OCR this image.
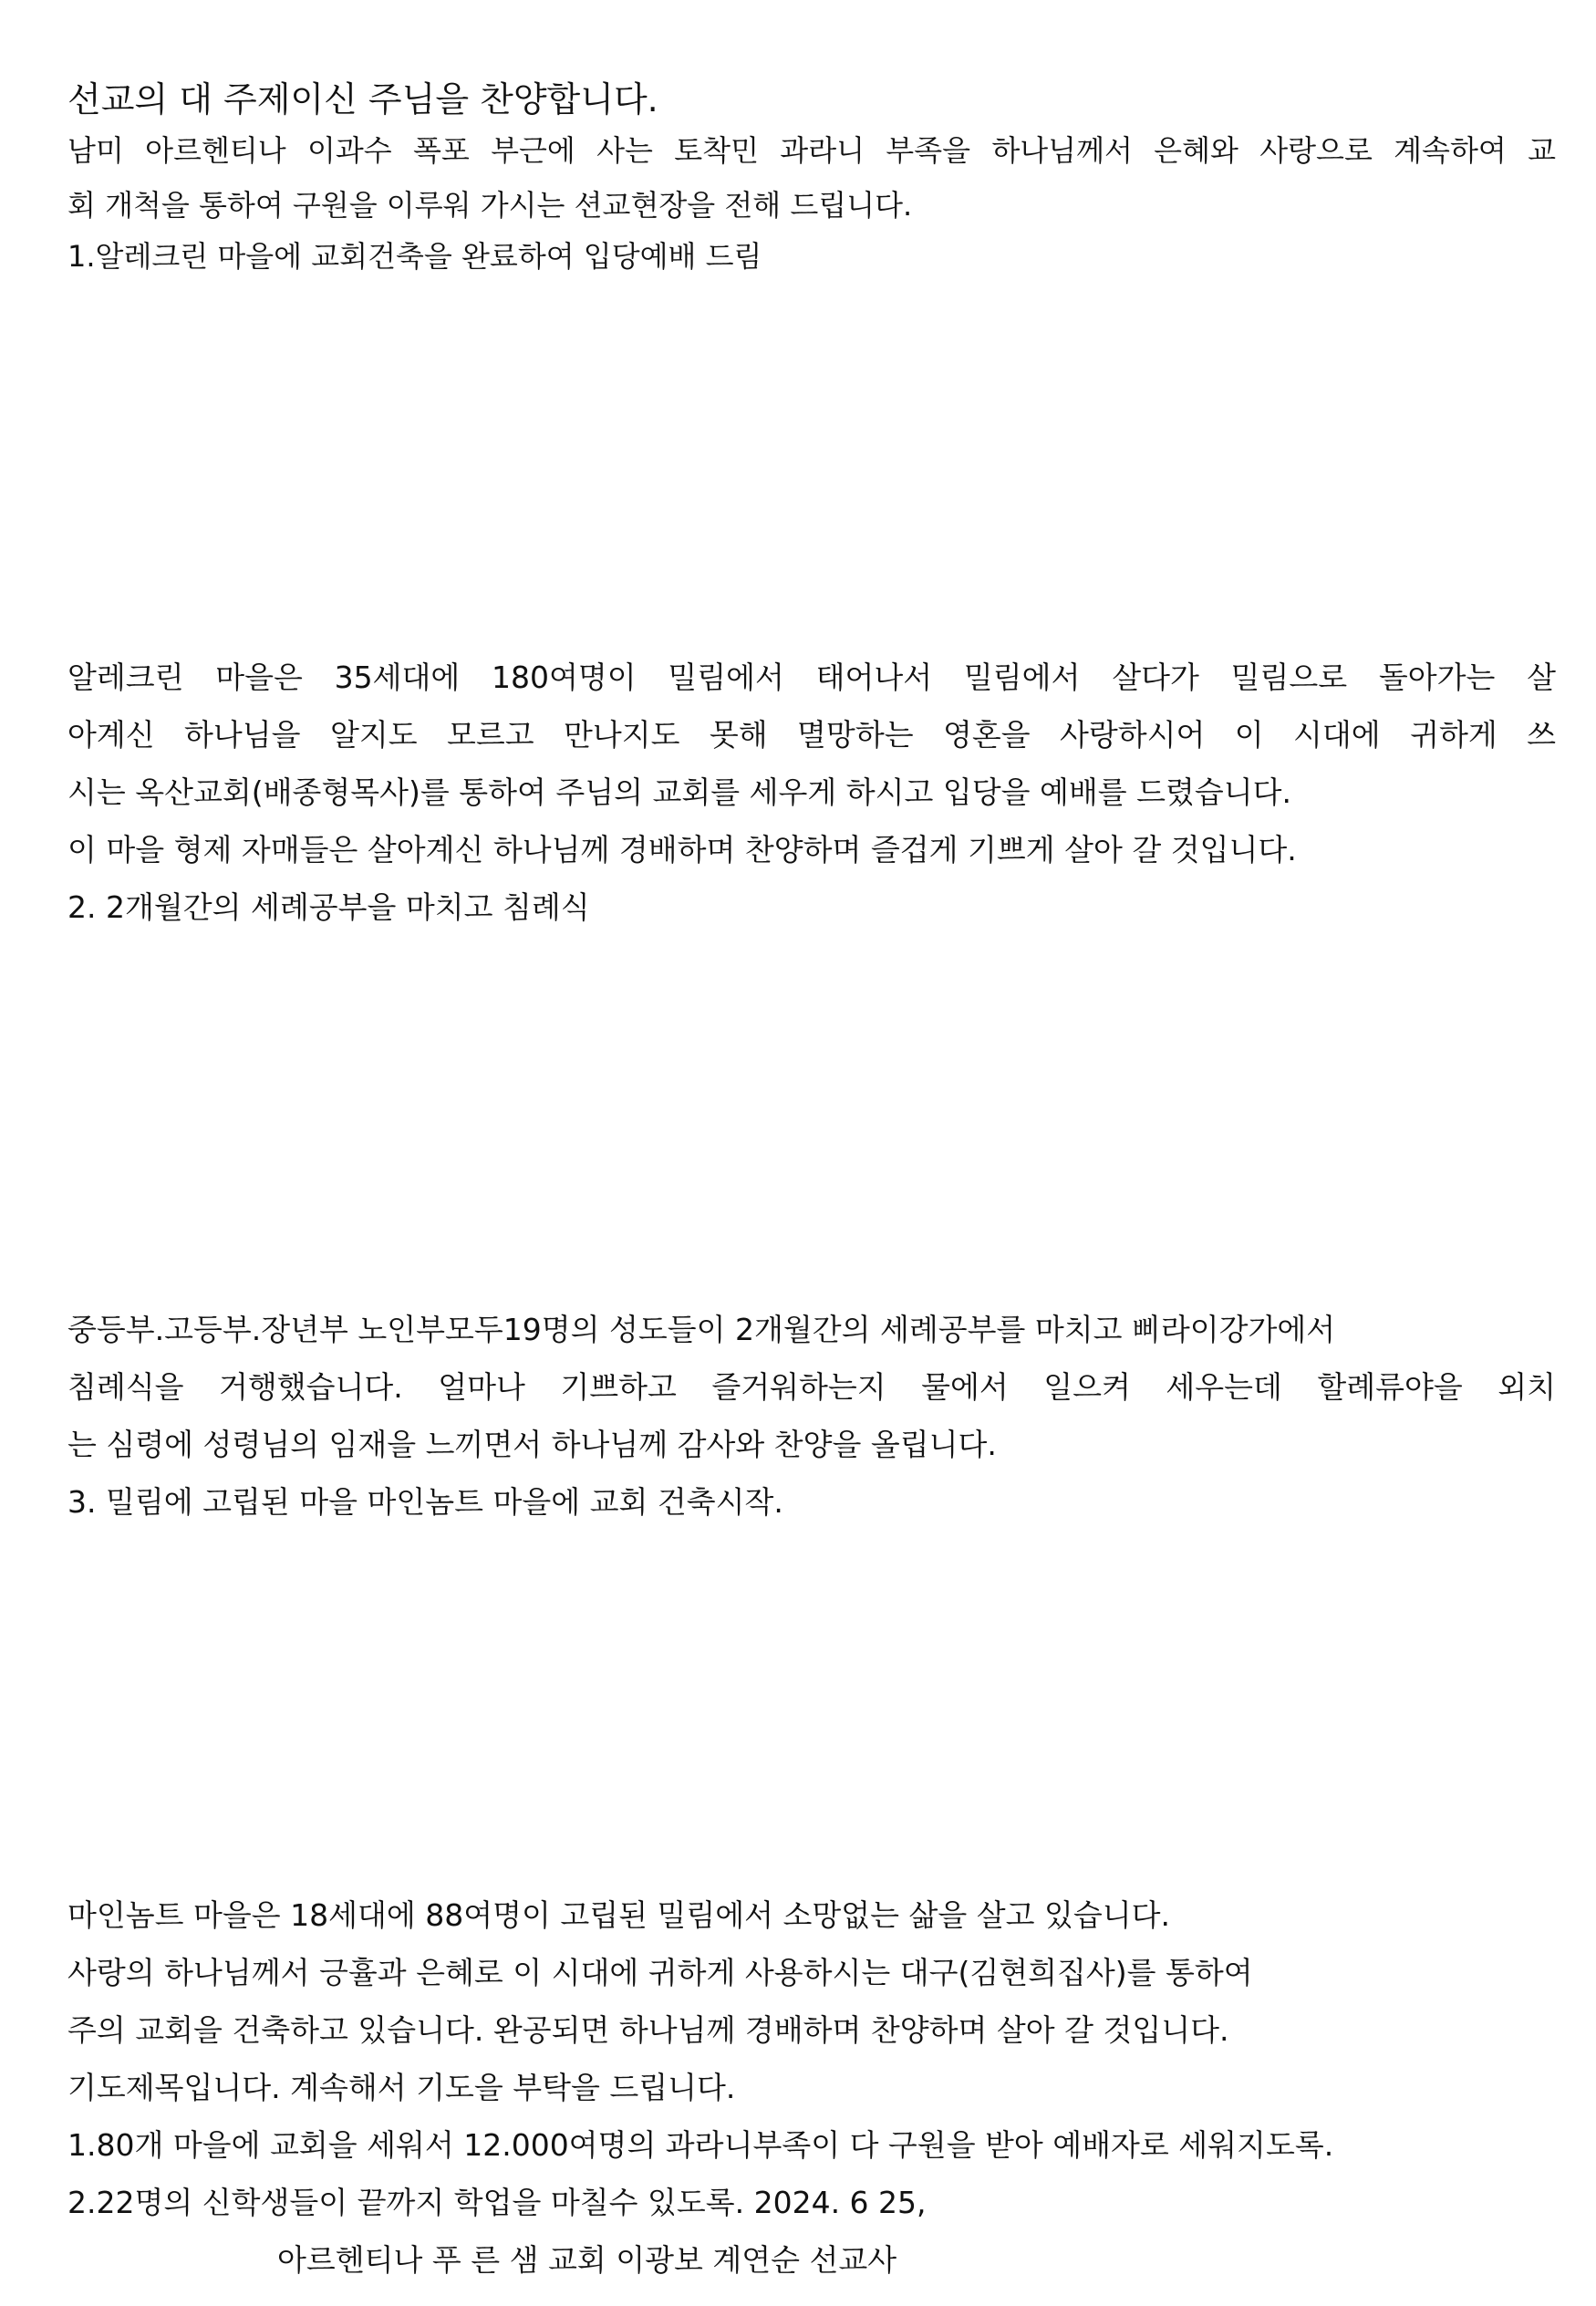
선교의 대 주제이신 주님을 찬양합니다.
남미 아르헨티나 이과수 폭포 부근에 사는 토착민 과라니 부족을 하나님께서 은혜와 사랑으로 계속하여 교
회 개척을 통하여 구원을 이루워 가시는 션교현장을 전해 드립니다.
1.알레크린 마을에 교회건축을 완료하여 입당예배 드림
알레크린 마을은 35세대에 180여명이 밀림에서 태어나서 밀림에서 살다가 밀림으로 돌아가는 살
아계신 하나님을 알지도 모르고 만나지도 못해 멸망하는 영혼을 사랑하시어 이 시대에 귀하게 쓰
시는 옥산교회(배종형목사)를 통하여 주님의 교회를 세우게 하시고 입당을 예배를 드렸습니다.
이 마을 형제 자매들은 살아계신 하나님께 경배하며 찬양하며 즐겁게 기쁘게 살아 갈 것입니다.
2. 2개월간의 세례공부을 마치고 침례식
중등부.고등부.장년부 노인부모두19명의 성도들이 2개월간의 세례공부를 마치고 삐라이강가에서
침례식을 거행했습니다. 얼마나 기쁘하고 즐거워하는지 물에서 일으켜 세우는데 할례류야을 외치
는 심령에 성령님의 임재을 느끼면서 하나님께 감사와 찬양을 올립니다.
3. 밀림에 고립된 마을 마인놈트 마을에 교회 건축시작.
마인놈트 마을은 18세대에 88여명이 고립된 밀림에서 소망없는 삶을 살고 있습니다.
사랑의 하나님께서 긍휼과 은혜로 이 시대에 귀하게 사용하시는 대구(김현희집사)를 통하여
주의 교회을 건축하고 있습니다. 완공되면 하나님께 경배하며 찬양하며 살아 갈 것입니다.
기도제목입니다. 계속해서 기도을 부탁을 드립니다.
1.80개 마을에 교회을 세워서 12.000여명의 과라니부족이 다 구원을 받아 예배자로 세워지도록.
2.22명의 신학생들이 끝까지 학업을 마칠수 있도록. 2024. 6 25,
아르헨티나 푸 른 샘 교회 이광보 계연순 선교사
